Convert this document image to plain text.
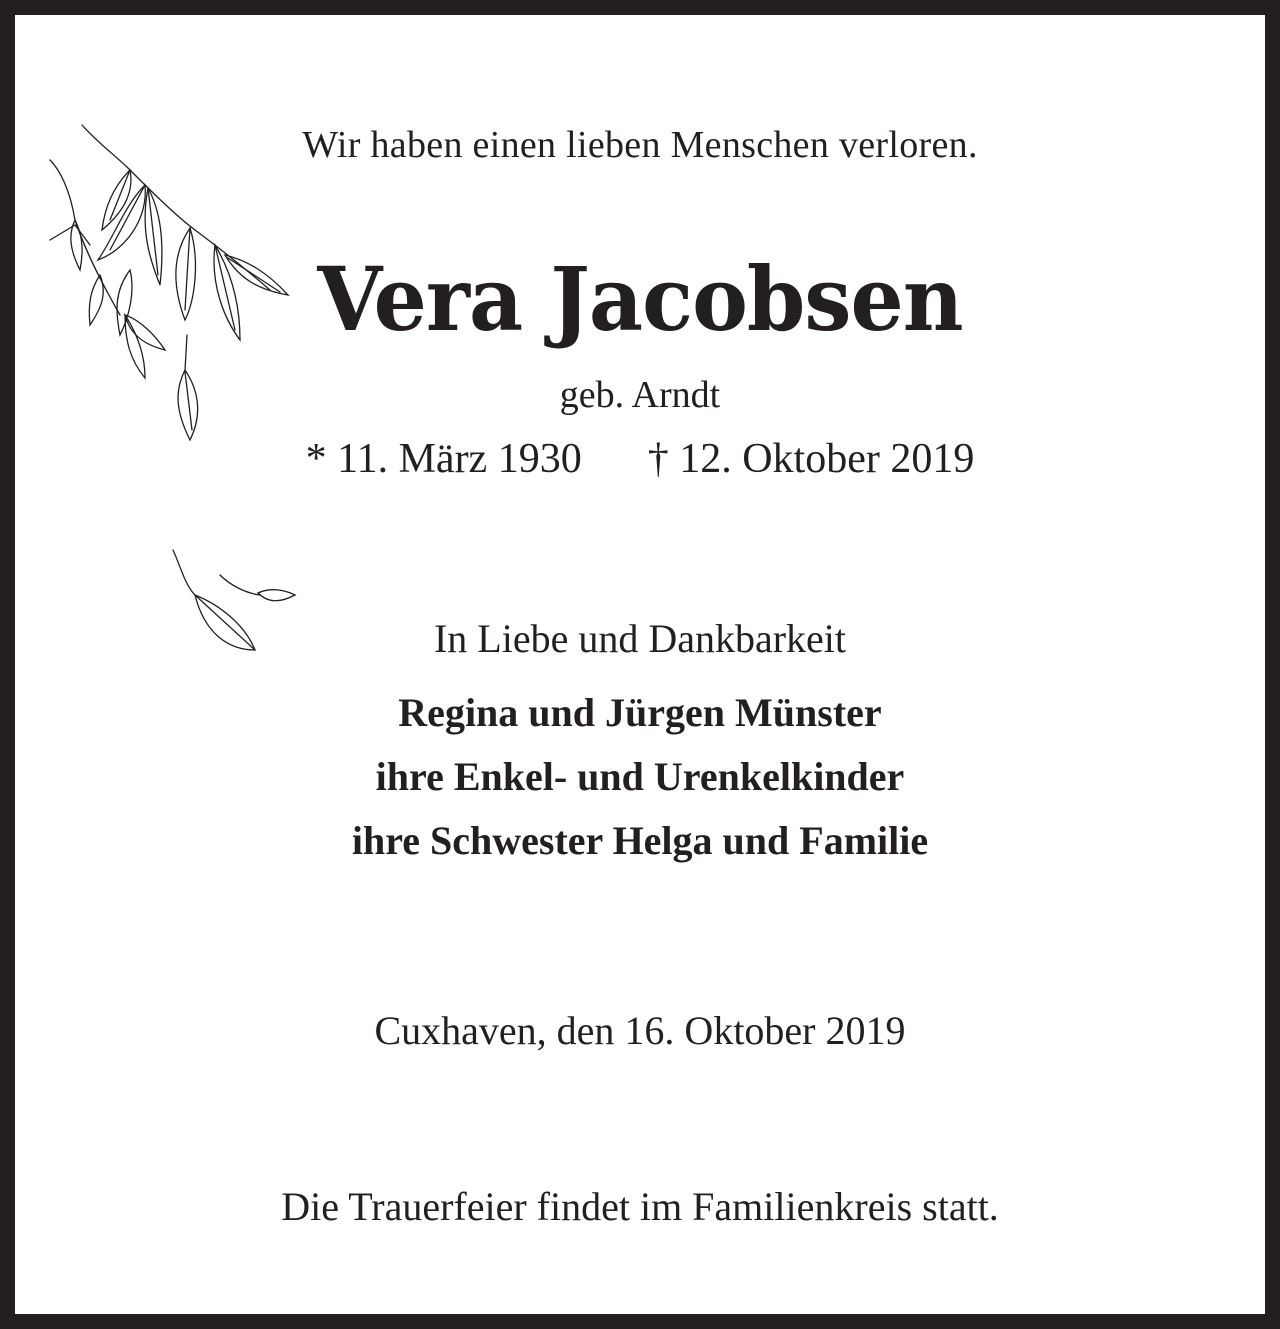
Wir haben einen lieben Menschen verloren.
Vera Jacobsen
geb. Arndt
* 11. März 1930 † 12. Oktober 2019
In Liebe und Dankbarkeit
Regina und Jürgen Münster
ihre Enkel- und Urenkelkinder
ihre Schwester Helga und Familie
Cuxhaven, den 16. Oktober 2019
Die Trauerfeier findet im Familienkreis statt.
